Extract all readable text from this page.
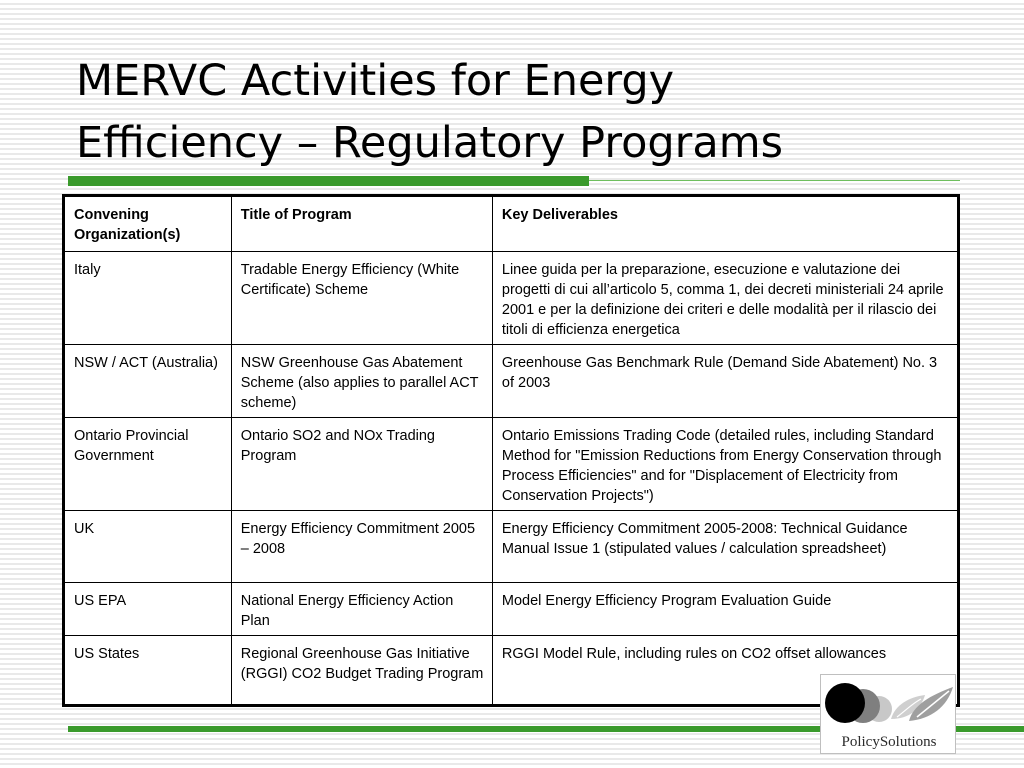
MERVC Activities for Energy
Efficiency – Regulatory Programs
Convening Organization(s)	Title of Program	Key Deliverables
Italy	Tradable Energy Efficiency (White Certificate) Scheme	Linee guida per la preparazione, esecuzione e valutazione dei progetti di cui all’articolo 5, comma 1, dei decreti ministeriali 24 aprile 2001 e per la definizione dei criteri e delle modalità per il rilascio dei titoli di efficienza energetica
NSW / ACT (Australia)	NSW Greenhouse Gas Abatement Scheme (also applies to parallel ACT scheme)	Greenhouse Gas Benchmark Rule (Demand Side Abatement) No. 3 of 2003
Ontario Provincial Government	Ontario SO2 and NOx Trading Program	Ontario Emissions Trading Code (detailed rules, including Standard Method for "Emission Reductions from Energy Conservation through Process Efficiencies" and for "Displacement of Electricity from Conservation Projects")
UK	Energy Efficiency Commitment 2005 – 2008	Energy Efficiency Commitment 2005-2008: Technical Guidance Manual Issue 1 (stipulated values / calculation spreadsheet)
US EPA	National Energy Efficiency Action Plan	Model Energy Efficiency Program Evaluation Guide
US States	Regional Greenhouse Gas Initiative (RGGI) CO2 Budget Trading Program	RGGI Model Rule, including rules on CO2 offset allowances
PolicySolutions
